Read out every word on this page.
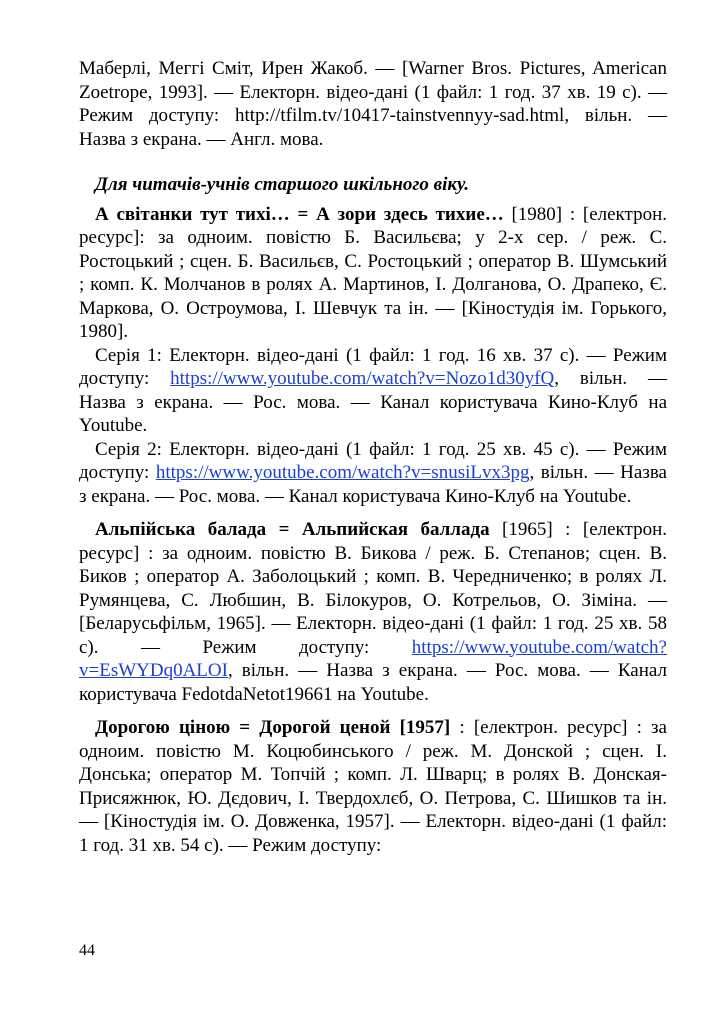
Маберлі, Меггі Сміт, Ирен Жакоб. — [Warner Bros. Pictures, American Zoetrope, 1993]. — Електорн. відео-дані (1 файл: 1 год. 37 хв. 19 с). — Режим доступу: http://tfilm.tv/10417-tainstvennyy-sad.html, вільн. — Назва з екрана. — Англ. мова.

Для читачів-учнів старшого шкільного віку.

А світанки тут тихі… = А зори здесь тихие… [1980] : [електрон. ресурс]: за одноим. повістю Б. Васильєва; у 2-х сер. / реж. С. Ростоцький ; сцен. Б. Васильєв, С. Ростоцький ; оператор В. Шумський ; комп. К. Молчанов в ролях А. Мартинов, І. Долганова, О. Драпеко, Є. Маркова, О. Остроумова, І. Шевчук та ін. — [Кіностудія ім. Горького, 1980].

Серія 1: Електорн. відео-дані (1 файл: 1 год. 16 хв. 37 с). — Режим доступу: https://www.youtube.com/watch?v=Nozo1d30yfQ, вільн. — Назва з екрана. — Рос. мова. — Канал користувача Кино-Клуб на Youtube.

Серія 2: Електорн. відео-дані (1 файл: 1 год. 25 хв. 45 с). — Режим доступу: https://www.youtube.com/watch?v=snusiLvx3pg, вільн. — Назва з екрана. — Рос. мова. — Канал користувача Кино-Клуб на Youtube.

Альпійська балада = Альпийская баллада [1965] : [електрон. ресурс] : за одноим. повістю В. Бикова / реж. Б. Степанов; сцен. В. Биков ; оператор А. Заболоцький ; комп. В. Чередниченко; в ролях Л. Румянцева, С. Любшин, В. Білокуров, О. Котрельов, О. Зіміна. — [Беларусьфільм, 1965]. — Електорн. відео-дані (1 файл: 1 год. 25 хв. 58 с). — Режим доступу: https://www.youtube.com/watch?v=EsWYDq0ALOI, вільн. — Назва з екрана. — Рос. мова. — Канал користувача FedotdaNetot19661 на Youtube.

Дорогою ціною = Дорогой ценой [1957] : [електрон. ресурс] : за одноим. повістю М. Коцюбинського / реж. М. Донской ; сцен. І. Донська; оператор М. Топчій ; комп. Л. Шварц; в ролях В. Донская-Присяжнюк, Ю. Дєдович, І. Твердохлєб, О. Петрова, С. Шишков та ін. — [Кіностудія ім. О. Довженка, 1957]. — Електорн. відео-дані (1 файл: 1 год. 31 хв. 54 с). — Режим доступу:

44
